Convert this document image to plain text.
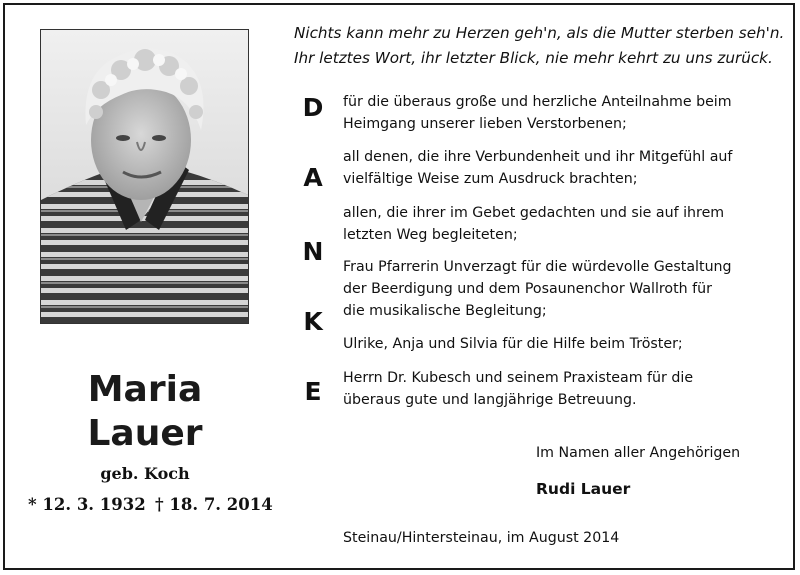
Maria
Lauer
geb. Koch
* 12. 3. 1932 † 18. 7. 2014
Nichts kann mehr zu Herzen geh'n, als die Mutter sterben seh'n.
Ihr letztes Wort, ihr letzter Blick, nie mehr kehrt zu uns zurück.
D
A
N
K
E
für die überaus große und herzliche Anteilnahme beim
Heimgang unserer lieben Verstorbenen;
all denen, die ihre Verbundenheit und ihr Mitgefühl auf
vielfältige Weise zum Ausdruck brachten;
allen, die ihrer im Gebet gedachten und sie auf ihrem
letzten Weg begleiteten;
Frau Pfarrerin Unverzagt für die würdevolle Gestaltung
der Beerdigung und dem Posaunenchor Wallroth für
die musikalische Begleitung;
Ulrike, Anja und Silvia für die Hilfe beim Tröster;
Herrn Dr. Kubesch und seinem Praxisteam für die
überaus gute und langjährige Betreuung.
Im Namen aller Angehörigen
Rudi Lauer
Steinau/Hintersteinau, im August 2014
